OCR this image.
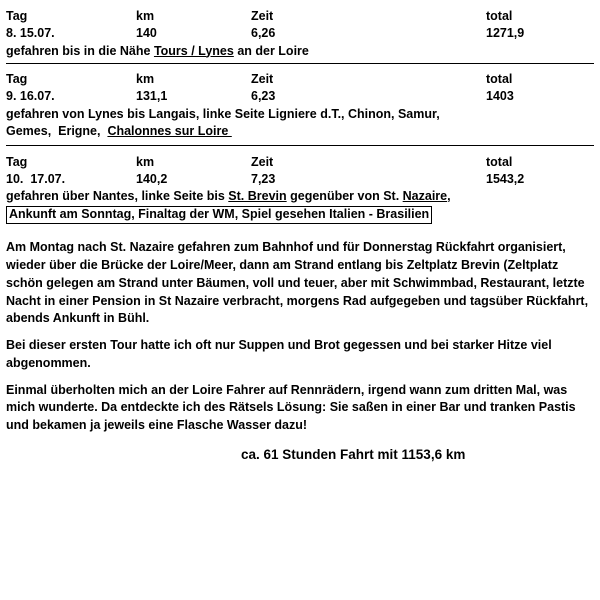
Tag	km	Zeit	total
8. 15.07.	140	6,26	1271,9
gefahren bis in die Nähe Tours / Lynes an der Loire
Tag	km	Zeit	total
9. 16.07.	131,1	6,23	1403
gefahren von Lynes bis Langais, linke Seite Ligniere d.T., Chinon, Samur,
Gemes,  Erigne,  Chalonnes sur Loire
Tag	km	Zeit	total
10.  17.07.	140,2	7,23	1543,2
gefahren über Nantes, linke Seite bis St. Brevin gegenüber von St. Nazaire,
Ankunft am Sonntag, Finaltag der WM, Spiel gesehen Italien - Brasilien

Am Montag nach St. Nazaire gefahren zum Bahnhof und für Donnerstag Rückfahrt organisiert, wieder über die Brücke der Loire/Meer, dann am Strand entlang bis Zeltplatz Brevin (Zeltplatz schön gelegen am Strand unter Bäumen, voll und teuer, aber mit Schwimmbad, Restaurant, letzte Nacht in einer Pension in St Nazaire verbracht, morgens Rad aufgegeben und tagsüber Rückfahrt, abends Ankunft in Bühl.

Bei dieser ersten Tour hatte ich oft nur Suppen und Brot gegessen und bei starker Hitze viel abgenommen.

Einmal überholten mich an der Loire Fahrer auf Rennrädern, irgend wann zum dritten Mal, was mich wunderte. Da entdeckte ich des Rätsels Lösung: Sie saßen in einer Bar und tranken Pastis und bekamen ja jeweils eine Flasche Wasser dazu!

ca. 61 Stunden Fahrt mit 1153,6 km
